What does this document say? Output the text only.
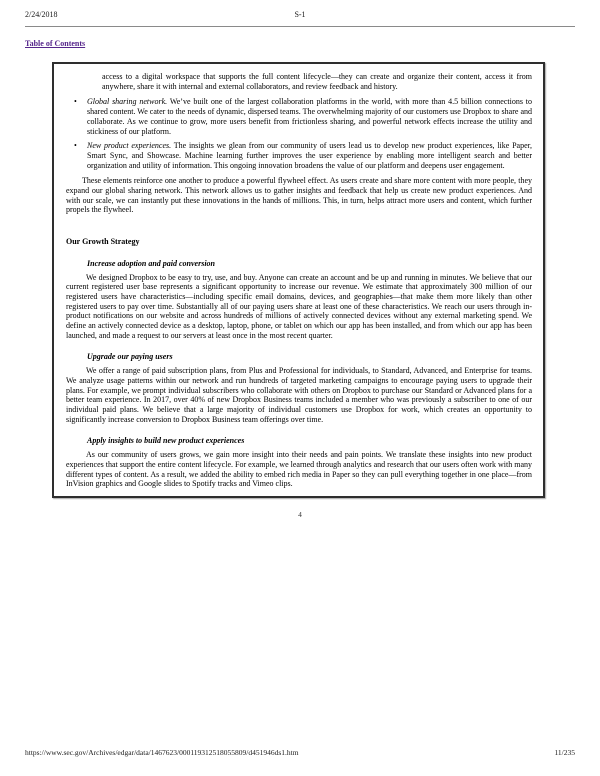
2/24/2018	S-1
Table of Contents

access to a digital workspace that supports the full content lifecycle—they can create and organize their content, access it from anywhere, share it with internal and external collaborators, and review feedback and history.

•	Global sharing network. We’ve built one of the largest collaboration platforms in the world, with more than 4.5 billion connections to shared content. We cater to the needs of dynamic, dispersed teams. The overwhelming majority of our customers use Dropbox to share and collaborate. As we continue to grow, more users benefit from frictionless sharing, and powerful network effects increase the utility and stickiness of our platform.
•	New product experiences. The insights we glean from our community of users lead us to develop new product experiences, like Paper, Smart Sync, and Showcase. Machine learning further improves the user experience by enabling more intelligent search and better organization and utility of information. This ongoing innovation broadens the value of our platform and deepens user engagement.

These elements reinforce one another to produce a powerful flywheel effect. As users create and share more content with more people, they expand our global sharing network. This network allows us to gather insights and feedback that help us create new product experiences. And with our scale, we can instantly put these innovations in the hands of millions. This, in turn, helps attract more users and content, which further propels the flywheel.

Our Growth Strategy

Increase adoption and paid conversion

We designed Dropbox to be easy to try, use, and buy. Anyone can create an account and be up and running in minutes. We believe that our current registered user base represents a significant opportunity to increase our revenue. We estimate that approximately 300 million of our registered users have characteristics—including specific email domains, devices, and geographies—that make them more likely than other registered users to pay over time. Substantially all of our paying users share at least one of these characteristics. We reach our users through in-product notifications on our website and across hundreds of millions of actively connected devices without any external marketing spend. We define an actively connected device as a desktop, laptop, phone, or tablet on which our app has been installed, and from which our app has been launched, and made a request to our servers at least once in the most recent quarter.

Upgrade our paying users

We offer a range of paid subscription plans, from Plus and Professional for individuals, to Standard, Advanced, and Enterprise for teams. We analyze usage patterns within our network and run hundreds of targeted marketing campaigns to encourage paying users to upgrade their plans. For example, we prompt individual subscribers who collaborate with others on Dropbox to purchase our Standard or Advanced plans for a better team experience. In 2017, over 40% of new Dropbox Business teams included a member who was previously a subscriber to one of our individual paid plans. We believe that a large majority of individual customers use Dropbox for work, which creates an opportunity to significantly increase conversion to Dropbox Business team offerings over time.

Apply insights to build new product experiences

As our community of users grows, we gain more insight into their needs and pain points. We translate these insights into new product experiences that support the entire content lifecycle. For example, we learned through analytics and research that our users often work with many different types of content. As a result, we added the ability to embed rich media in Paper so they can pull everything together in one place—from InVision graphics and Google slides to Spotify tracks and Vimeo clips.

4
https://www.sec.gov/Archives/edgar/data/1467623/000119312518055809/d451946ds1.htm	11/235
